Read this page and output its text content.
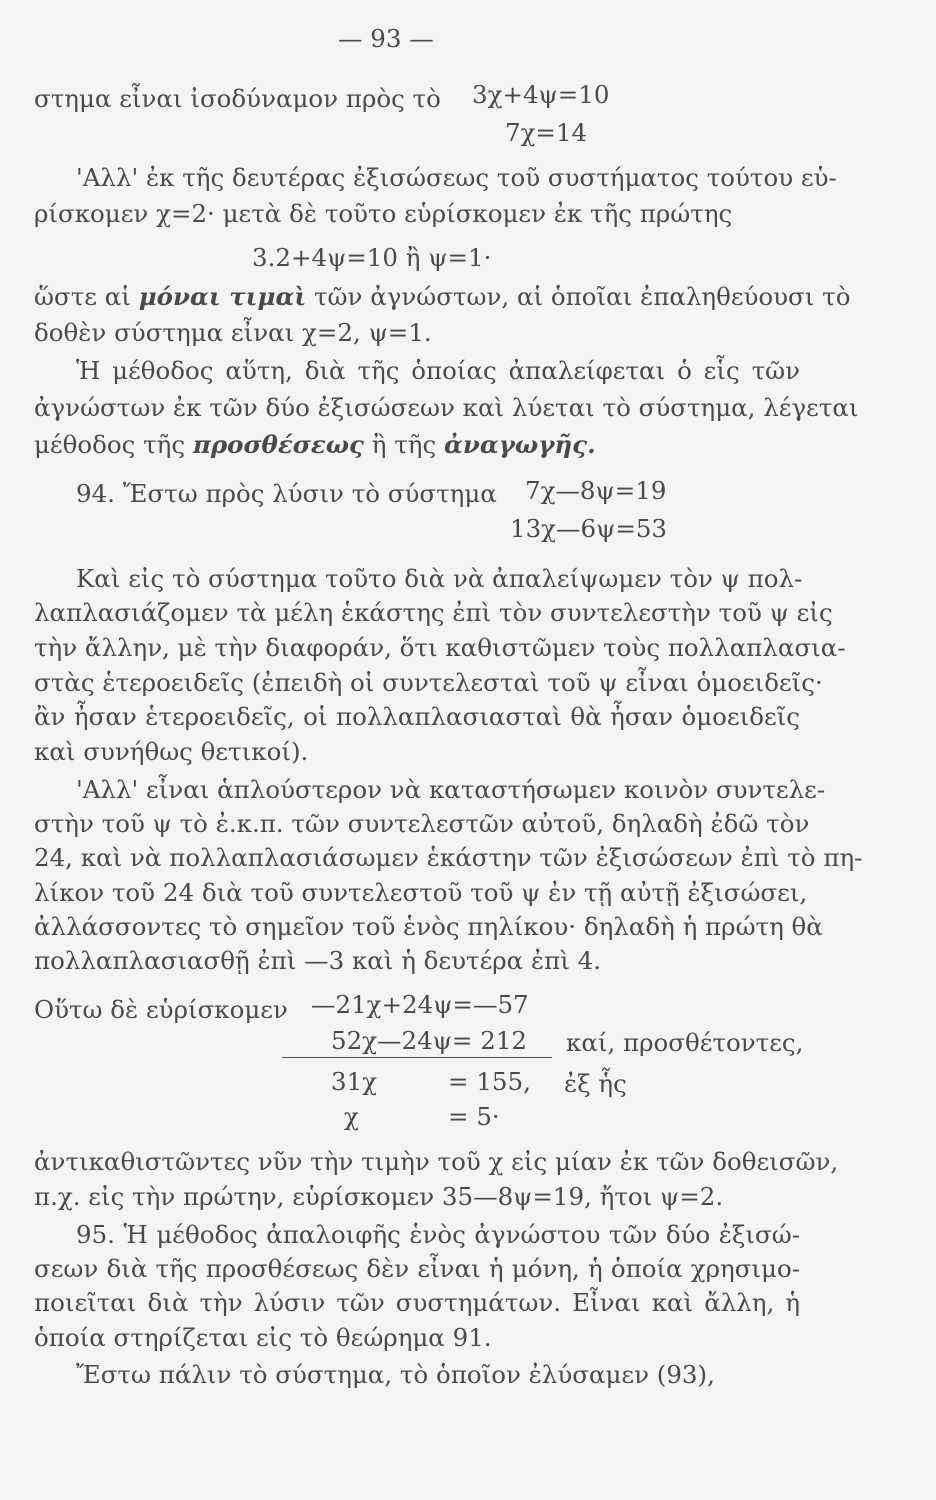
— 93 —
στημα εἶναι ἰσοδύναμον πρὸς τὸ 3χ+4ψ=10
7χ=14
'Αλλ' ἐκ τῆς δευτέρας ἐξισώσεως τοῦ συστήματος τούτου εὑ-
ρίσκομεν χ=2· μετὰ δὲ τοῦτο εὑρίσκομεν ἐκ τῆς πρώτης
3.2+4ψ=10 ἢ ψ=1·
ὥστε αἱ μόναι τιμαὶ τῶν ἀγνώστων, αἱ ὁποῖαι ἐπαληθεύουσι τὸ
δοθὲν σύστημα εἶναι χ=2, ψ=1.
Ἡ μέθοδος αὕτη, διὰ τῆς ὁποίας ἀπαλείφεται ὁ εἷς τῶν
ἀγνώστων ἐκ τῶν δύο ἐξισώσεων καὶ λύεται τὸ σύστημα, λέγεται
μέθοδος τῆς προσθέσεως ἢ τῆς ἀναγωγῆς.
94. Ἔστω πρὸς λύσιν τὸ σύστημα 7χ—8ψ=19
13χ—6ψ=53
Καὶ εἰς τὸ σύστημα τοῦτο διὰ νὰ ἀπαλείψωμεν τὸν ψ πολ-
λαπλασιάζομεν τὰ μέλη ἑκάστης ἐπὶ τὸν συντελεστὴν τοῦ ψ εἰς
τὴν ἄλλην, μὲ τὴν διαφοράν, ὅτι καθιστῶμεν τοὺς πολλαπλασια-
στὰς ἑτεροειδεῖς (ἐπειδὴ οἱ συντελεσταὶ τοῦ ψ εἶναι ὁμοειδεῖς·
ἂν ἦσαν ἑτεροειδεῖς, οἱ πολλαπλασιασταὶ θὰ ἦσαν ὁμοειδεῖς
καὶ συνήθως θετικοί).
'Αλλ' εἶναι ἁπλούστερον νὰ καταστήσωμεν κοινὸν συντελε-
στὴν τοῦ ψ τὸ ἐ.κ.π. τῶν συντελεστῶν αὐτοῦ, δηλαδὴ ἐδῶ τὸν
24, καὶ νὰ πολλαπλασιάσωμεν ἑκάστην τῶν ἐξισώσεων ἐπὶ τὸ πη-
λίκον τοῦ 24 διὰ τοῦ συντελεστοῦ τοῦ ψ ἐν τῇ αὐτῇ ἐξισώσει,
ἀλλάσσοντες τὸ σημεῖον τοῦ ἑνὸς πηλίκου· δηλαδὴ ἡ πρώτη θὰ
πολλαπλασιασθῇ ἐπὶ —3 καὶ ἡ δευτέρα ἐπὶ 4.
Οὕτω δὲ εὑρίσκομεν —21χ+24ψ=—57
52χ—24ψ= 212 καί, προσθέτοντες,
31χ	= 155, ἐξ ἧς
χ	= 5·
ἀντικαθιστῶντες νῦν τὴν τιμὴν τοῦ χ εἰς μίαν ἐκ τῶν δοθεισῶν,
π.χ. εἰς τὴν πρώτην, εὑρίσκομεν 35—8ψ=19, ἤτοι ψ=2.
95. Ἡ μέθοδος ἀπαλοιφῆς ἑνὸς ἀγνώστου τῶν δύο ἐξισώ-
σεων διὰ τῆς προσθέσεως δὲν εἶναι ἡ μόνη, ἡ ὁποία χρησιμο-
ποιεῖται διὰ τὴν λύσιν τῶν συστημάτων. Εἶναι καὶ ἄλλη, ἡ
ὁποία στηρίζεται εἰς τὸ θεώρημα 91.
Ἔστω πάλιν τὸ σύστημα, τὸ ὁποῖον ἐλύσαμεν (93),
